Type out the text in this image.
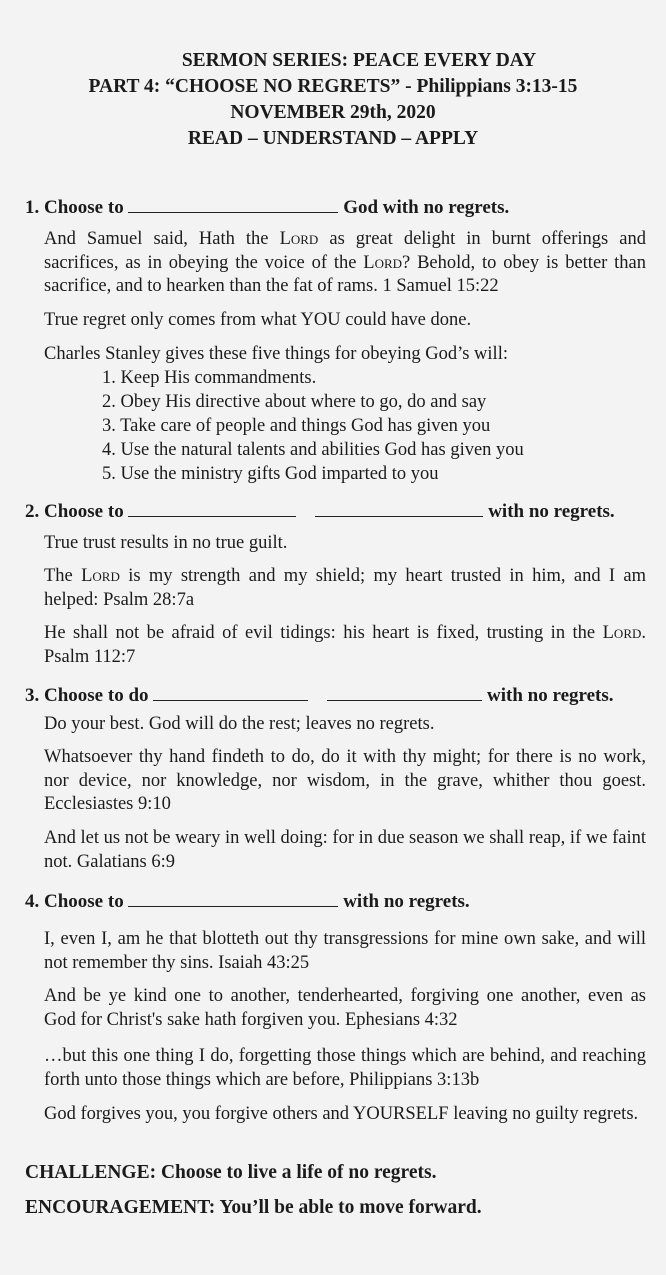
SERMON SERIES: PEACE EVERY DAY
PART 4: “CHOOSE NO REGRETS” - Philippians 3:13-15
NOVEMBER 29th, 2020
READ – UNDERSTAND – APPLY
1. Choose to	God with no regrets.
And Samuel said, Hath the Lord as great delight in burnt offerings and sacrifices, as in obeying the voice of the Lord? Behold, to obey is better than sacrifice, and to hearken than the fat of rams. 1 Samuel 15:22
True regret only comes from what YOU could have done.
Charles Stanley gives these five things for obeying God’s will:
1. Keep His commandments.
2. Obey His directive about where to go, do and say
3. Take care of people and things God has given you
4. Use the natural talents and abilities God has given you
5. Use the ministry gifts God imparted to you
2. Choose to	with no regrets.
True trust results in no true guilt.
The Lord is my strength and my shield; my heart trusted in him, and I am helped: Psalm 28:7a
He shall not be afraid of evil tidings: his heart is fixed, trusting in the Lord. Psalm 112:7
3. Choose to do	with no regrets.
Do your best. God will do the rest; leaves no regrets.
Whatsoever thy hand findeth to do, do it with thy might; for there is no work, nor device, nor knowledge, nor wisdom, in the grave, whither thou goest. Ecclesiastes 9:10
And let us not be weary in well doing: for in due season we shall reap, if we faint not. Galatians 6:9
4. Choose to	with no regrets.
I, even I, am he that blotteth out thy transgressions for mine own sake, and will not remember thy sins. Isaiah 43:25
And be ye kind one to another, tenderhearted, forgiving one another, even as God for Christ's sake hath forgiven you. Ephesians 4:32
…but this one thing I do, forgetting those things which are behind, and reaching forth unto those things which are before, Philippians 3:13b
God forgives you, you forgive others and YOURSELF leaving no guilty regrets.
CHALLENGE: Choose to live a life of no regrets.
ENCOURAGEMENT: You’ll be able to move forward.
